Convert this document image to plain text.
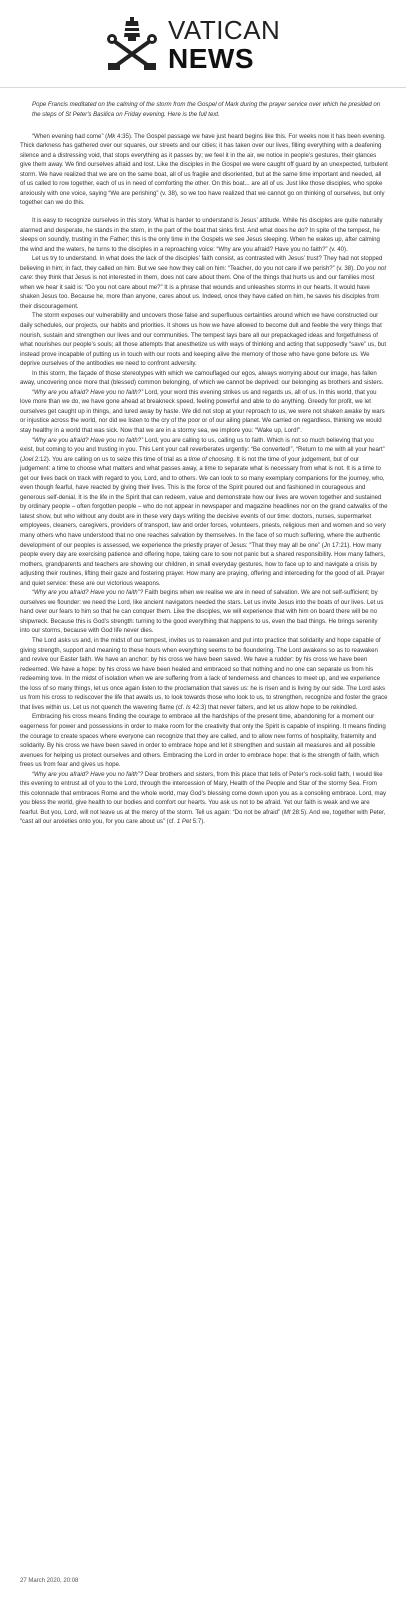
VATICAN
NEWS

Pope Francis meditated on the calming of the storm from the Gospel of Mark during the prayer service over which he presided on the steps of St Peter's Basilica on Friday evening. Here is the full text.

“When evening had come” (Mk 4:35). The Gospel passage we have just heard begins like this. For weeks now it has been evening. Thick darkness has gathered over our squares, our streets and our cities; it has taken over our lives, filling everything with a deafening silence and a distressing void, that stops everything as it passes by; we feel it in the air, we notice in people’s gestures, their glances give them away. We find ourselves afraid and lost. Like the disciples in the Gospel we were caught off guard by an unexpected, turbulent storm. We have realized that we are on the same boat, all of us fragile and disoriented, but at the same time important and needed, all of us called to row together, each of us in need of comforting the other. On this boat... are all of us. Just like those disciples, who spoke anxiously with one voice, saying “We are perishing” (v. 38), so we too have realized that we cannot go on thinking of ourselves, but only together can we do this.

It is easy to recognize ourselves in this story. What is harder to understand is Jesus’ attitude. While his disciples are quite naturally alarmed and desperate, he stands in the stern, in the part of the boat that sinks first. And what does he do? In spite of the tempest, he sleeps on soundly, trusting in the Father; this is the only time in the Gospels we see Jesus sleeping. When he wakes up, after calming the wind and the waters, he turns to the disciples in a reproaching voice: “Why are you afraid? Have you no faith?” (v. 40).

Let us try to understand. In what does the lack of the disciples’ faith consist, as contrasted with Jesus’ trust? They had not stopped believing in him; in fact, they called on him. But we see how they call on him: “Teacher, do you not care if we perish?” (v. 38). Do you not care: they think that Jesus is not interested in them, does not care about them. One of the things that hurts us and our families most when we hear it said is: “Do you not care about me?” It is a phrase that wounds and unleashes storms in our hearts. It would have shaken Jesus too. Because he, more than anyone, cares about us. Indeed, once they have called on him, he saves his disciples from their discouragement.

The storm exposes our vulnerability and uncovers those false and superfluous certainties around which we have constructed our daily schedules, our projects, our habits and priorities. It shows us how we have allowed to become dull and feeble the very things that nourish, sustain and strengthen our lives and our communities. The tempest lays bare all our prepackaged ideas and forgetfulness of what nourishes our people’s souls; all those attempts that anesthetize us with ways of thinking and acting that supposedly “save” us, but instead prove incapable of putting us in touch with our roots and keeping alive the memory of those who have gone before us. We deprive ourselves of the antibodies we need to confront adversity.

In this storm, the façade of those stereotypes with which we camouflaged our egos, always worrying about our image, has fallen away, uncovering once more that (blessed) common belonging, of which we cannot be deprived: our belonging as brothers and sisters.

“Why are you afraid? Have you no faith?” Lord, your word this evening strikes us and regards us, all of us. In this world, that you love more than we do, we have gone ahead at breakneck speed, feeling powerful and able to do anything. Greedy for profit, we let ourselves get caught up in things, and lured away by haste. We did not stop at your reproach to us, we were not shaken awake by wars or injustice across the world, nor did we listen to the cry of the poor or of our ailing planet. We carried on regardless, thinking we would stay healthy in a world that was sick. Now that we are in a stormy sea, we implore you: “Wake up, Lord!”.

“Why are you afraid? Have you no faith?” Lord, you are calling to us, calling us to faith. Which is not so much believing that you exist, but coming to you and trusting in you. This Lent your call reverberates urgently: “Be converted!”, “Return to me with all your heart” (Joel 2:12). You are calling on us to seize this time of trial as a time of choosing. It is not the time of your judgement, but of our judgement: a time to choose what matters and what passes away, a time to separate what is necessary from what is not. It is a time to get our lives back on track with regard to you, Lord, and to others. We can look to so many exemplary companions for the journey, who, even though fearful, have reacted by giving their lives. This is the force of the Spirit poured out and fashioned in courageous and generous self-denial. It is the life in the Spirit that can redeem, value and demonstrate how our lives are woven together and sustained by ordinary people – often forgotten people – who do not appear in newspaper and magazine headlines nor on the grand catwalks of the latest show, but who without any doubt are in these very days writing the decisive events of our time: doctors, nurses, supermarket employees, cleaners, caregivers, providers of transport, law and order forces, volunteers, priests, religious men and women and so very many others who have understood that no one reaches salvation by themselves. In the face of so much suffering, where the authentic development of our peoples is assessed, we experience the priestly prayer of Jesus: “That they may all be one” (Jn 17:21). How many people every day are exercising patience and offering hope, taking care to sow not panic but a shared responsibility. How many fathers, mothers, grandparents and teachers are showing our children, in small everyday gestures, how to face up to and navigate a crisis by adjusting their routines, lifting their gaze and fostering prayer. How many are praying, offering and interceding for the good of all. Prayer and quiet service: these are our victorious weapons.

“Why are you afraid? Have you no faith”? Faith begins when we realise we are in need of salvation. We are not self-sufficient; by ourselves we flounder: we need the Lord, like ancient navigators needed the stars. Let us invite Jesus into the boats of our lives. Let us hand over our fears to him so that he can conquer them. Like the disciples, we will experience that with him on board there will be no shipwreck. Because this is God’s strength: turning to the good everything that happens to us, even the bad things. He brings serenity into our storms, because with God life never dies.

The Lord asks us and, in the midst of our tempest, invites us to reawaken and put into practice that solidarity and hope capable of giving strength, support and meaning to these hours when everything seems to be floundering. The Lord awakens so as to reawaken and revive our Easter faith. We have an anchor: by his cross we have been saved. We have a rudder: by his cross we have been redeemed. We have a hope: by his cross we have been healed and embraced so that nothing and no one can separate us from his redeeming love. In the midst of isolation when we are suffering from a lack of tenderness and chances to meet up, and we experience the loss of so many things, let us once again listen to the proclamation that saves us: he is risen and is living by our side. The Lord asks us from his cross to rediscover the life that awaits us, to look towards those who look to us, to strengthen, recognize and foster the grace that lives within us. Let us not quench the wavering flame (cf. Is 42:3) that never falters, and let us allow hope to be rekindled.

Embracing his cross means finding the courage to embrace all the hardships of the present time, abandoning for a moment our eagerness for power and possessions in order to make room for the creativity that only the Spirit is capable of inspiring. It means finding the courage to create spaces where everyone can recognize that they are called, and to allow new forms of hospitality, fraternity and solidarity. By his cross we have been saved in order to embrace hope and let it strengthen and sustain all measures and all possible avenues for helping us protect ourselves and others. Embracing the Lord in order to embrace hope: that is the strength of faith, which frees us from fear and gives us hope.

“Why are you afraid? Have you no faith”? Dear brothers and sisters, from this place that tells of Peter’s rock-solid faith, I would like this evening to entrust all of you to the Lord, through the intercession of Mary, Health of the People and Star of the stormy Sea. From this colonnade that embraces Rome and the whole world, may God’s blessing come down upon you as a consoling embrace. Lord, may you bless the world, give health to our bodies and comfort our hearts. You ask us not to be afraid. Yet our faith is weak and we are fearful. But you, Lord, will not leave us at the mercy of the storm. Tell us again: “Do not be afraid” (Mt 28:5). And we, together with Peter, “cast all our anxieties onto you, for you care about us” (cf. 1 Pet 5:7).

27 March 2020, 20:08
